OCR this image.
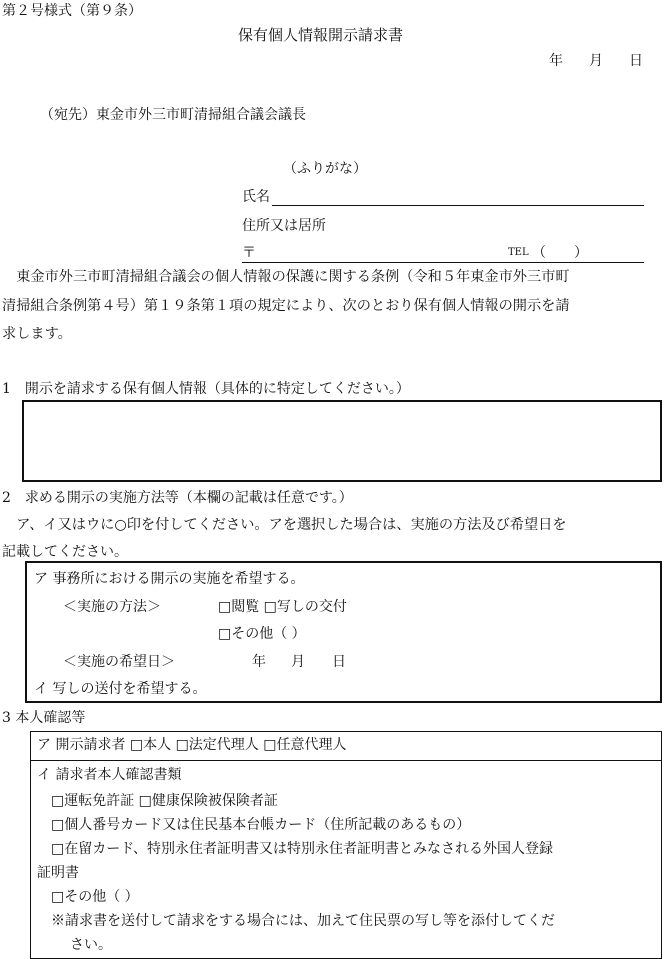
第２号様式（第９条）
保有個人情報開示請求書
年 月 日
（宛先）東金市外三市町清掃組合議会議長
（ふりがな）
氏名
住所又は居所
〒	TEL （　　）
　東金市外三市町清掃組合議会の個人情報の保護に関する条例（令和５年東金市外三市町
清掃組合条例第４号）第１９条第１項の規定により、次のとおり保有個人情報の開示を請
求します。
1　開示を請求する保有個人情報（具体的に特定してください。）
2　求める開示の実施方法等（本欄の記載は任意です。）
　ア、イ又はウに○印を付してください。アを選択した場合は、実施の方法及び希望日を
記載してください。
ア 事務所における開示の実施を希望する。
＜実施の方法＞	□閲覧 □写しの交付
□その他（ ）
＜実施の希望日＞	年 月 日
イ 写しの送付を希望する。
3 本人確認等
ア 開示請求者 □本人 □法定代理人 □任意代理人
イ 請求者本人確認書類
□運転免許証 □健康保険被保険者証
□個人番号カード又は住民基本台帳カード（住所記載のあるもの）
□在留カード、特別永住者証明書又は特別永住者証明書とみなされる外国人登録
証明書
□その他（ ）
※請求書を送付して請求をする場合には、加えて住民票の写し等を添付してくだ
さい。
